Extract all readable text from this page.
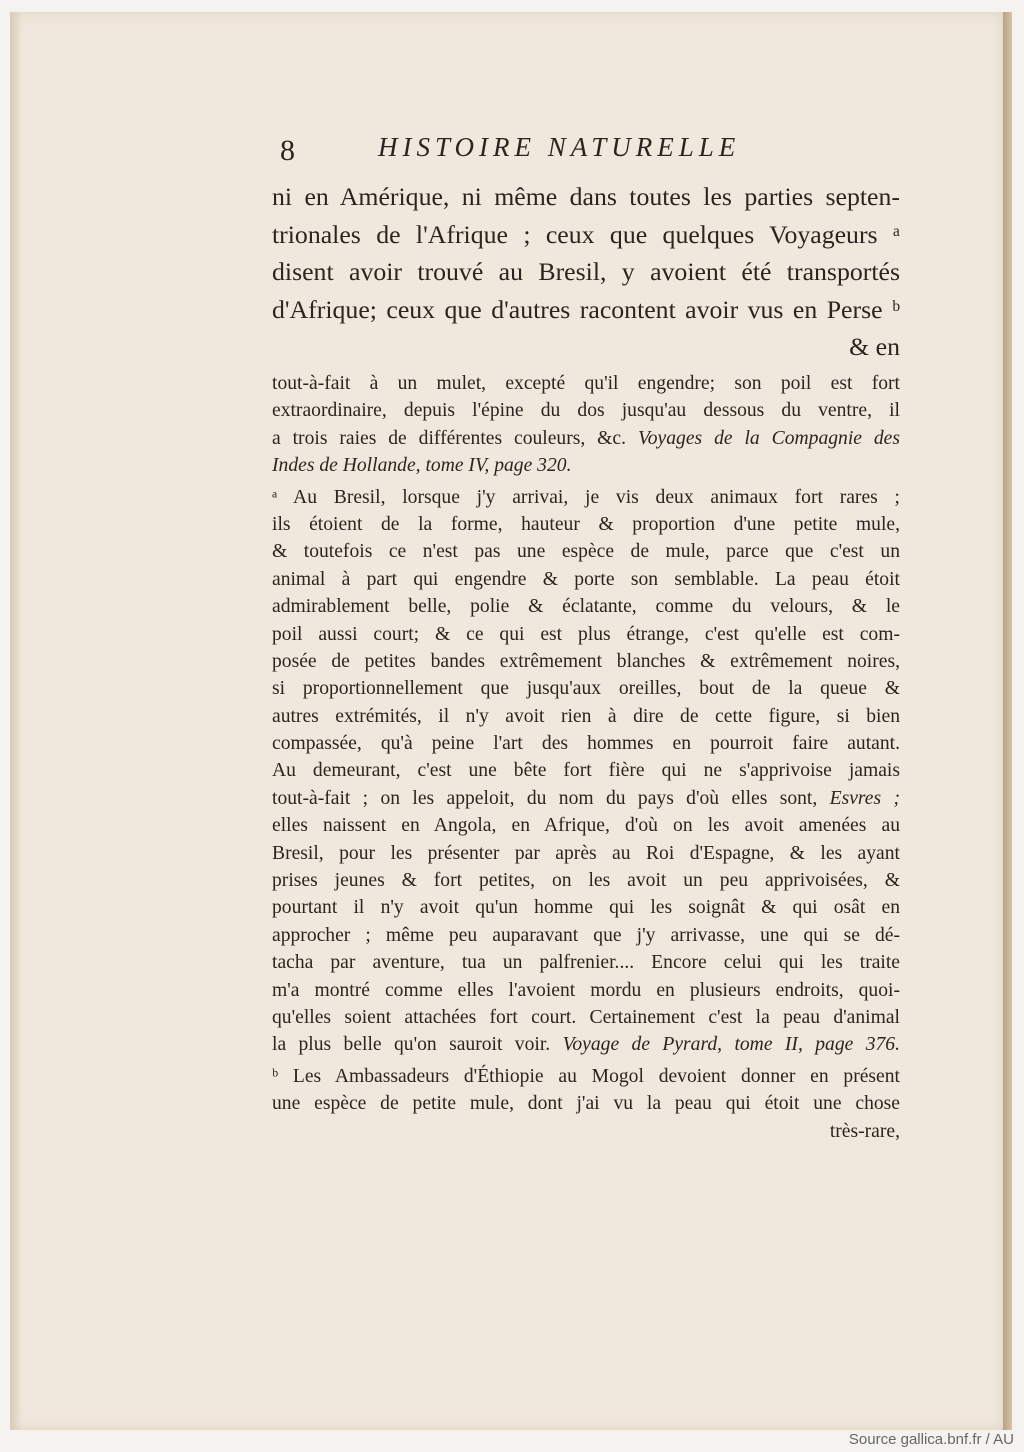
8	HISTOIRE NATURELLE
ni en Amérique, ni même dans toutes les parties septen-
trionales de l'Afrique ; ceux que quelques Voyageurs ᵃ
disent avoir trouvé au Bresil, y avoient été transportés
d'Afrique; ceux que d'autres racontent avoir vus en Perse ᵇ
& en
tout-à-fait à un mulet, excepté qu'il engendre; son poil est fort
extraordinaire, depuis l'épine du dos jusqu'au dessous du ventre, il
a trois raies de différentes couleurs, &c. Voyages de la Compagnie des
Indes de Hollande, tome IV, page 320.
ᵃ Au Bresil, lorsque j'y arrivai, je vis deux animaux fort rares ;
ils étoient de la forme, hauteur & proportion d'une petite mule,
& toutefois ce n'est pas une espèce de mule, parce que c'est un
animal à part qui engendre & porte son semblable. La peau étoit
admirablement belle, polie & éclatante, comme du velours, & le
poil aussi court; & ce qui est plus étrange, c'est qu'elle est com-
posée de petites bandes extrêmement blanches & extrêmement noires,
si proportionnellement que jusqu'aux oreilles, bout de la queue &
autres extrémités, il n'y avoit rien à dire de cette figure, si bien
compassée, qu'à peine l'art des hommes en pourroit faire autant.
Au demeurant, c'est une bête fort fière qui ne s'apprivoise jamais
tout-à-fait ; on les appeloit, du nom du pays d'où elles sont, Esvres ;
elles naissent en Angola, en Afrique, d'où on les avoit amenées au
Bresil, pour les présenter par après au Roi d'Espagne, & les ayant
prises jeunes & fort petites, on les avoit un peu apprivoisées, &
pourtant il n'y avoit qu'un homme qui les soignât & qui osât en
approcher ; même peu auparavant que j'y arrivasse, une qui se dé-
tacha par aventure, tua un palfrenier.... Encore celui qui les traite
m'a montré comme elles l'avoient mordu en plusieurs endroits, quoi-
qu'elles soient attachées fort court. Certainement c'est la peau d'animal
la plus belle qu'on sauroit voir. Voyage de Pyrard, tome II, page 376.
ᵇ Les Ambassadeurs d'Éthiopie au Mogol devoient donner en présent
une espèce de petite mule, dont j'ai vu la peau qui étoit une chose
très-rare,
Source gallica.bnf.fr / AU
